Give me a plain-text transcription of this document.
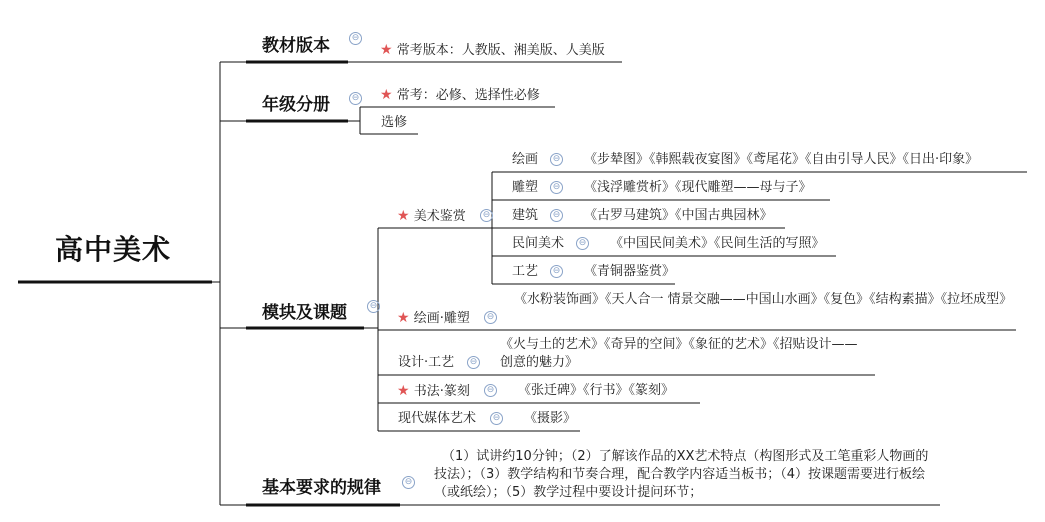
高中美术
教材版本	⊖
★ 常考版本：人教版、湘美版、人美版
年级分册	⊖ ★ 常考：必修、选择性必修
选修
模块及课题	⊖
★ 美术鉴赏	⊖
绘画	⊖ 《步辇图》《韩熙载夜宴图》《鸢尾花》《自由引导人民》《日出·印象》
雕塑	⊖ 《浅浮雕赏析》《现代雕塑——母与子》
建筑	⊖ 《古罗马建筑》《中国古典园林》
民间美术	⊖ 《中国民间美术》《民间生活的写照》
工艺	⊖ 《青铜器鉴赏》
★ 绘画·雕塑	⊖
《水粉装饰画》《天人合一 情景交融——中国山水画》《复色》《结构素描》《拉坯成型》
设计·工艺	⊖
《火与土的艺术》《奇异的空间》《象征的艺术》《招贴设计——创意的魅力》
★ 书法·篆刻	⊖ 《张迁碑》《行书》《篆刻》
现代媒体艺术	⊖ 《摄影》
基本要求的规律	⊖
（1）试讲约10分钟；（2）了解该作品的XX艺术特点（构图形式及工笔重彩人物画的技法）；（3）教学结构和节奏合理，配合教学内容适当板书；（4）按课题需要进行板绘（或纸绘）；（5）教学过程中要设计提问环节；
